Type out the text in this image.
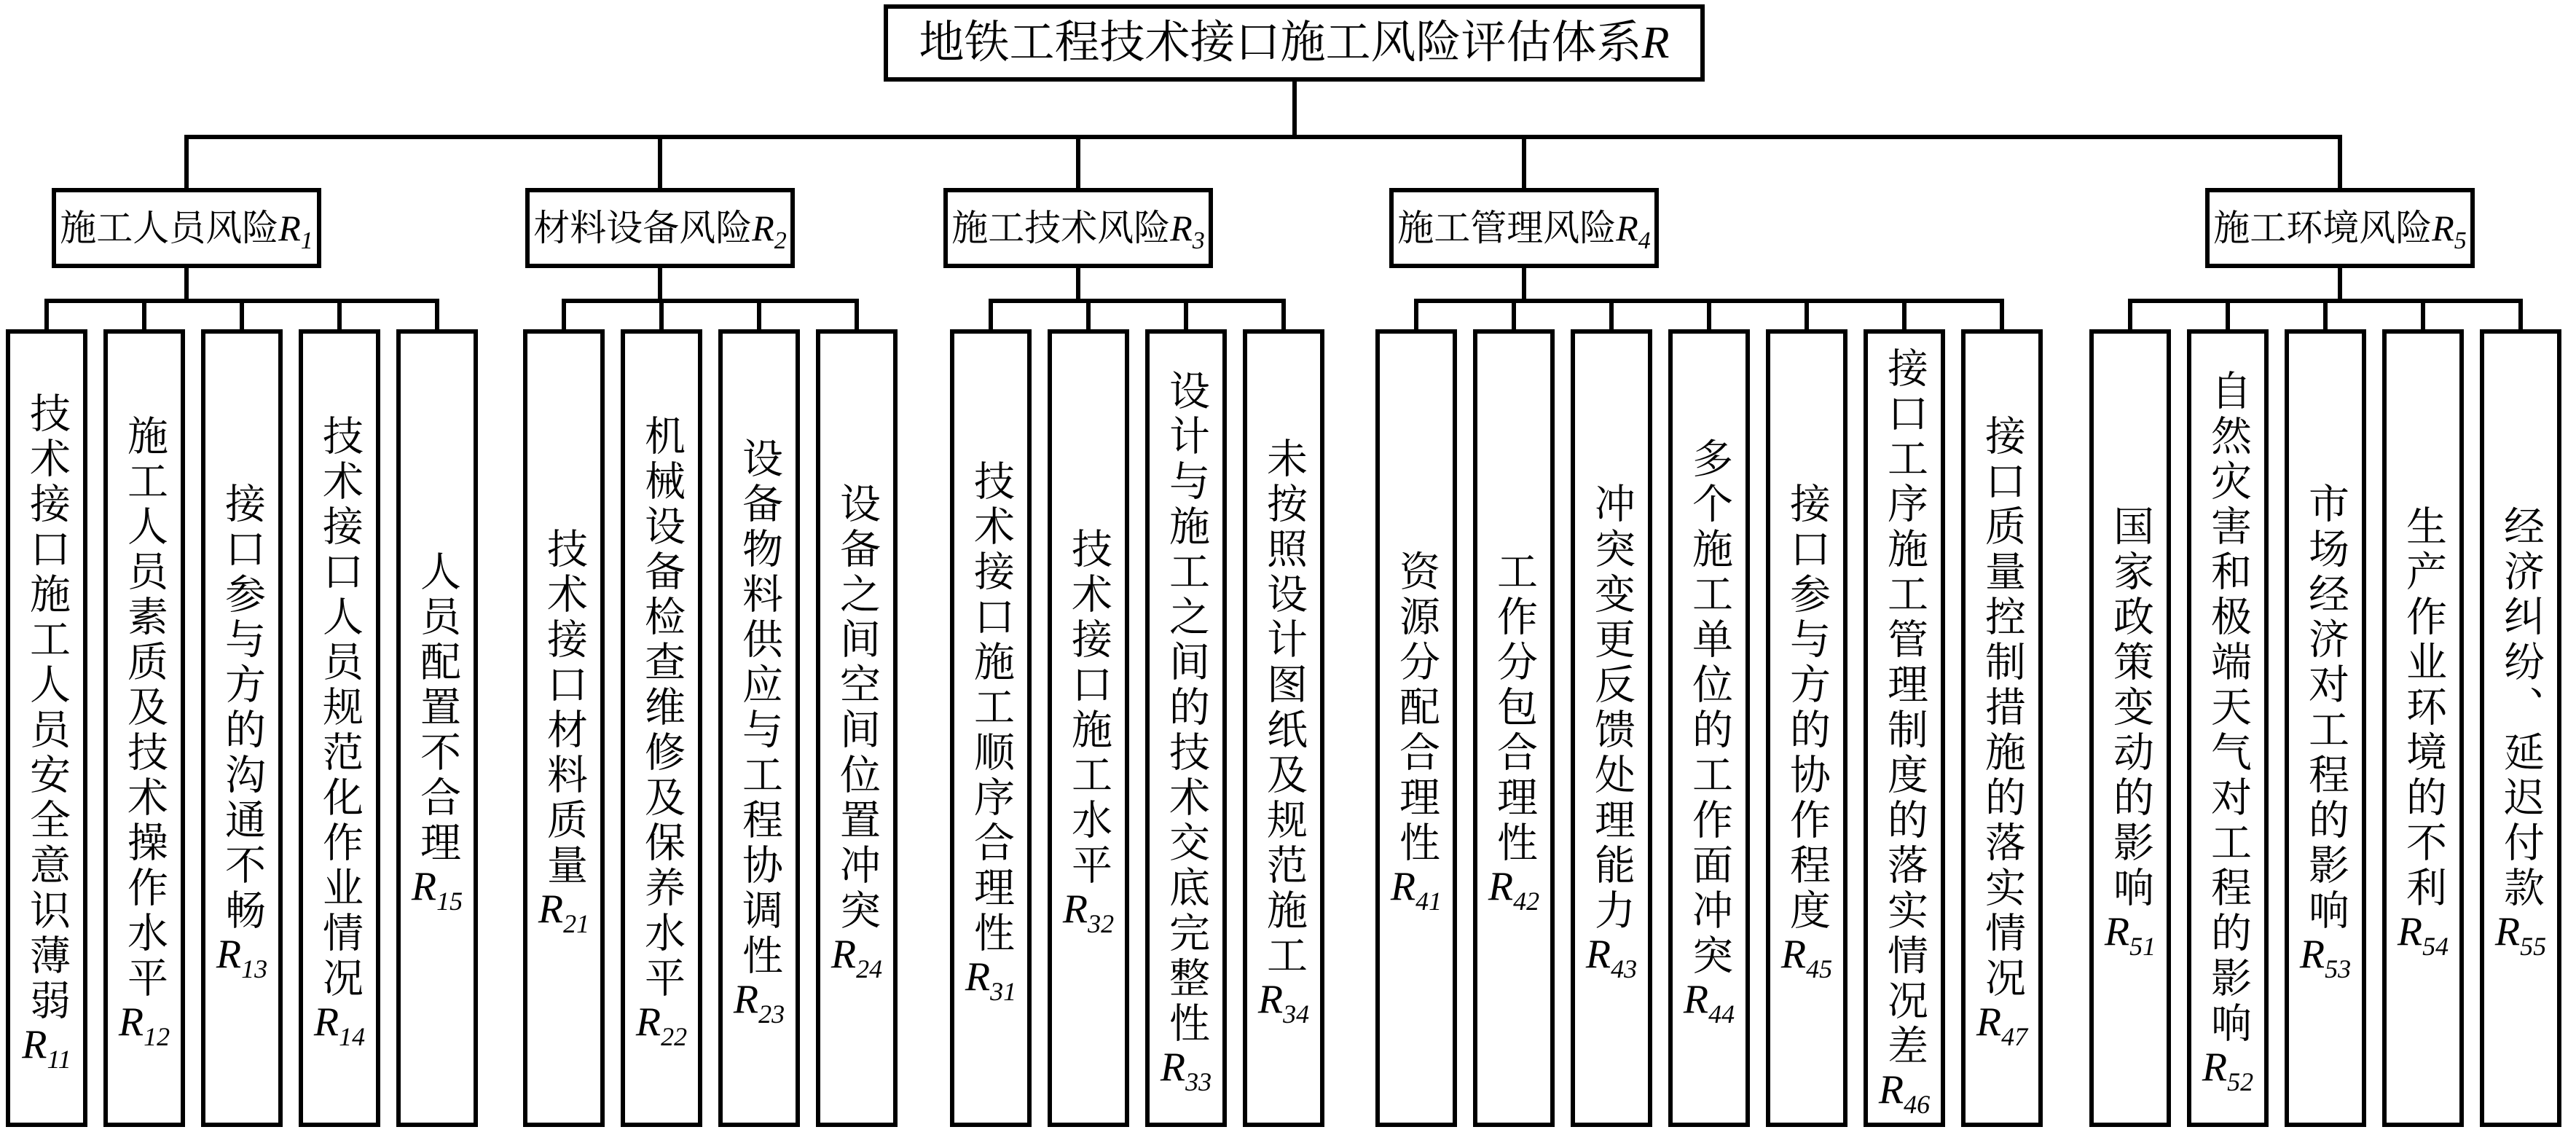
地铁工程技术接口施工风险评估体系R
施工人员风险$R_1$	材料设备风险$R_2$	施工技术风险$R_3$	施工管理风险$R_4$	施工环境风险$R_5$
技术接口施工人员安全意识薄弱$R_{11}$
施工人员素质及技术操作水平$R_{12}$
接口参与方的沟通不畅$R_{13}$ 技术接口人员规范化作业情况$R_{14}$
人员配置不合理$R_{15}$
技术接口材料质量$R_{21}$ 机械设备检查维修及保养水平$R_{22}$
设备物料供应与工程协调性$R_{23}$
设备之间空间位置冲突$R_{24}$
技术接口施工顺序合理性$R_{31}$
技术接口施工水平$R_{32}$ 设计与施工之间的技术交底完整性$R_{33}$
未按照设计图纸及规范施工$R_{34}$
资源分配合理性$R_{41}$
工作分包合理性$R_{42}$ 冲突变更反馈处理能力$R_{43}$ 多个施工单位的工作面冲突$R_{44}$
接口参与方的协作程度$R_{45}$ 接口工序施工管理制度的落实情况差$R_{46}$
接口质量控制措施的落实情况$R_{47}$
国家政策变动的影响$R_{51}$ 自然灾害和极端天气对工程的影响$R_{52}$
市场经济对工程的影响$R_{53}$
生产作业环境的不利$R_{54}$
经济纠纷、延迟付款$R_{55}$
